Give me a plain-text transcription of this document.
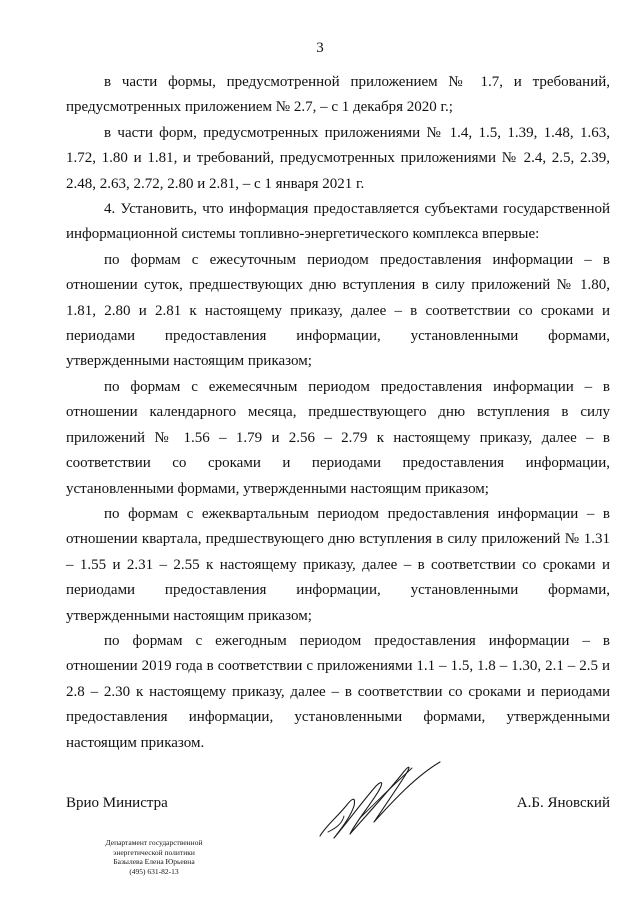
3

в части формы, предусмотренной приложением № 1.7, и требований, предусмотренных приложением № 2.7, – с 1 декабря 2020 г.;

в части форм, предусмотренных приложениями № 1.4, 1.5, 1.39, 1.48, 1.63, 1.72, 1.80 и 1.81, и требований, предусмотренных приложениями № 2.4, 2.5, 2.39, 2.48, 2.63, 2.72, 2.80 и 2.81, – с 1 января 2021 г.

4. Установить, что информация предоставляется субъектами государственной информационной системы топливно-энергетического комплекса впервые:

по формам с ежесуточным периодом предоставления информации – в отношении суток, предшествующих дню вступления в силу приложений № 1.80, 1.81, 2.80 и 2.81 к настоящему приказу, далее – в соответствии со сроками и периодами предоставления информации, установленными формами, утвержденными настоящим приказом;

по формам с ежемесячным периодом предоставления информации – в отношении календарного месяца, предшествующего дню вступления в силу приложений № 1.56 – 1.79 и 2.56 – 2.79 к настоящему приказу, далее – в соответствии со сроками и периодами предоставления информации, установленными формами, утвержденными настоящим приказом;

по формам с ежеквартальным периодом предоставления информации – в отношении квартала, предшествующего дню вступления в силу приложений № 1.31 – 1.55 и 2.31 – 2.55 к настоящему приказу, далее – в соответствии со сроками и периодами предоставления информации, установленными формами, утвержденными настоящим приказом;

по формам с ежегодным периодом предоставления информации – в отношении 2019 года в соответствии с приложениями 1.1 – 1.5, 1.8 – 1.30, 2.1 – 2.5 и 2.8 – 2.30 к настоящему приказу, далее – в соответствии со сроками и периодами предоставления информации, установленными формами, утвержденными настоящим приказом.

Врио Министра	А.Б. Яновский
Департамент государственной
энергетической политики
Базылева Елена Юрьевна
(495) 631-82-13
